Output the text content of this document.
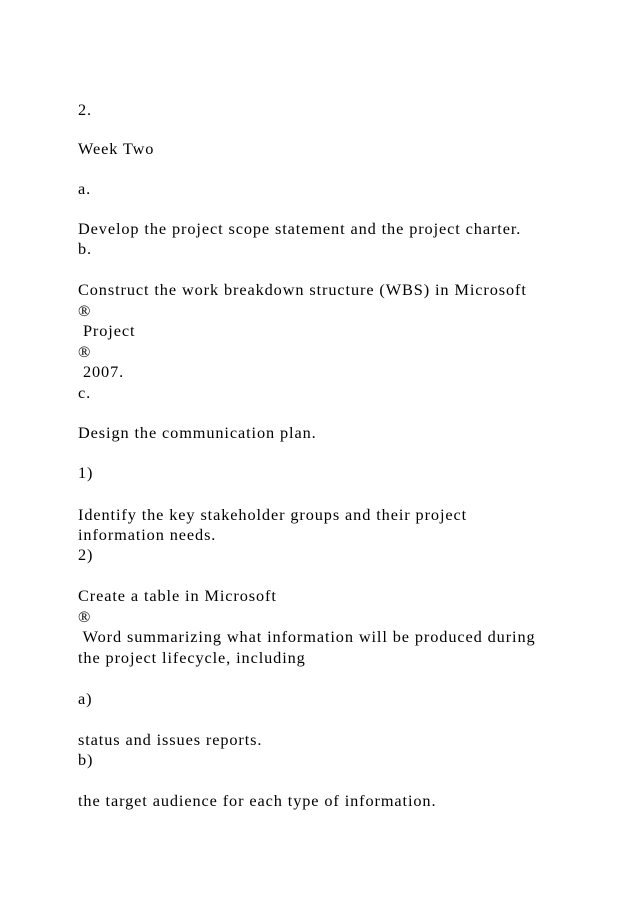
2.

Week Two

a.

Develop the project scope statement and the project charter.

b.

Construct the work breakdown structure (WBS) in Microsoft

®

Project

®

2007.

c.

Design the communication plan.

1)

Identify the key stakeholder groups and their project

information needs.

2)

Create a table in Microsoft

®

Word summarizing what information will be produced during

the project lifecycle, including

a)

status and issues reports.

b)

the target audience for each type of information.
